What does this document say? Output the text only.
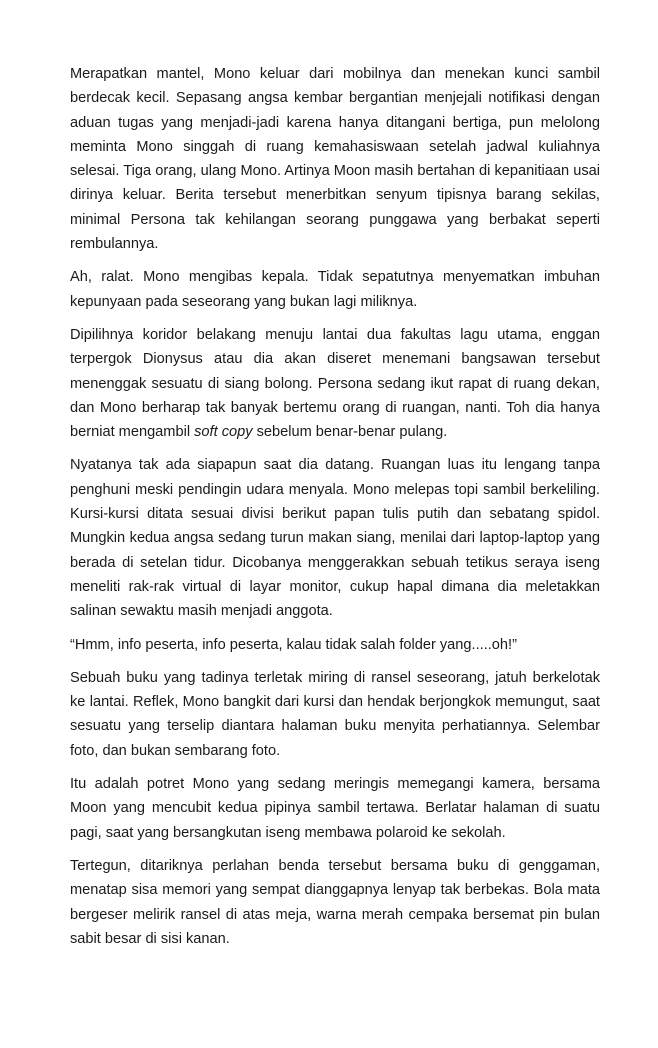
Merapatkan mantel, Mono keluar dari mobilnya dan menekan kunci sambil berdecak kecil. Sepasang angsa kembar bergantian menjejali notifikasi dengan aduan tugas yang menjadi-jadi karena hanya ditangani bertiga, pun melolong meminta Mono singgah di ruang kemahasiswaan setelah jadwal kuliahnya selesai. Tiga orang, ulang Mono. Artinya Moon masih bertahan di kepanitiaan usai dirinya keluar. Berita tersebut menerbitkan senyum tipisnya barang sekilas, minimal Persona tak kehilangan seorang punggawa yang berbakat seperti rembulannya.

Ah, ralat. Mono mengibas kepala. Tidak sepatutnya menyematkan imbuhan kepunyaan pada seseorang yang bukan lagi miliknya.

Dipilihnya koridor belakang menuju lantai dua fakultas lagu utama, enggan terpergok Dionysus atau dia akan diseret menemani bangsawan tersebut menenggak sesuatu di siang bolong. Persona sedang ikut rapat di ruang dekan, dan Mono berharap tak banyak bertemu orang di ruangan, nanti. Toh dia hanya berniat mengambil soft copy sebelum benar-benar pulang.

Nyatanya tak ada siapapun saat dia datang. Ruangan luas itu lengang tanpa penghuni meski pendingin udara menyala. Mono melepas topi sambil berkeliling. Kursi-kursi ditata sesuai divisi berikut papan tulis putih dan sebatang spidol. Mungkin kedua angsa sedang turun makan siang, menilai dari laptop-laptop yang berada di setelan tidur. Dicobanya menggerakkan sebuah tetikus seraya iseng meneliti rak-rak virtual di layar monitor, cukup hapal dimana dia meletakkan salinan sewaktu masih menjadi anggota.

“Hmm, info peserta, info peserta, kalau tidak salah folder yang.....oh!”

Sebuah buku yang tadinya terletak miring di ransel seseorang, jatuh berkelotak ke lantai. Reflek, Mono bangkit dari kursi dan hendak berjongkok memungut, saat sesuatu yang terselip diantara halaman buku menyita perhatiannya. Selembar foto, dan bukan sembarang foto.

Itu adalah potret Mono yang sedang meringis memegangi kamera, bersama Moon yang mencubit kedua pipinya sambil tertawa. Berlatar halaman di suatu pagi, saat yang bersangkutan iseng membawa polaroid ke sekolah.

Tertegun, ditariknya perlahan benda tersebut bersama buku di genggaman, menatap sisa memori yang sempat dianggapnya lenyap tak berbekas. Bola mata bergeser melirik ransel di atas meja, warna merah cempaka bersemat pin bulan sabit besar di sisi kanan.
